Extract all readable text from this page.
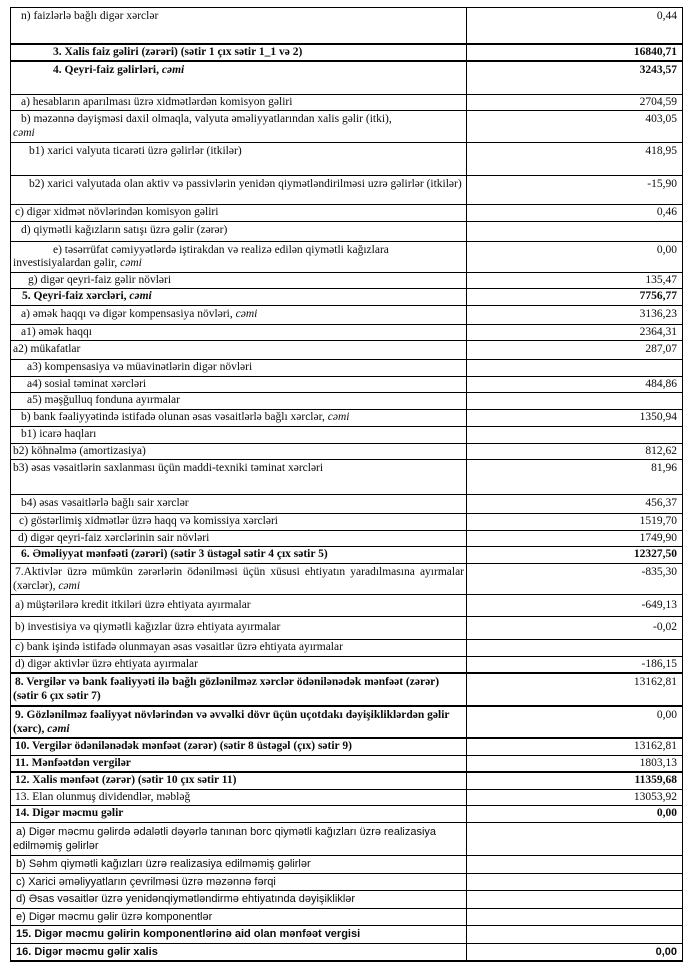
n) faizlərlə bağlı digər xərclər	0,44
3. Xalis faiz gəliri (zərəri) (sətir 1 çıx sətir 1_1 və 2)	16840,71
4. Qeyri-faiz gəlirləri, cəmi	3243,57
a) hesabların aparılması üzrə xidmətlərdən komisyon gəliri	2704,59
b) məzənnə dəyişməsi daxil olmaqla, valyuta əməliyyatlarından xalis gəlir (itki),
cəmi	403,05
b1) xarici valyuta ticarəti üzrə gəlirlər (itkilər)	418,95
b2) xarici valyutada olan aktiv və passivlərin yenidən qiymətləndirilməsi uzrə gəlirlər (itkilər)	-15,90
c) digər xidmət növlərindən komisyon gəliri	0,46
d) qiymətli kağızların satışı üzrə gəlir (zərər)	
e) təsərrüfat cəmiyyətlərdə iştirakdan və realizə edilən qiymətli kağızlara investisiyalardan gəlir, cəmi	0,00
g) digər qeyri-faiz gəlir növləri	135,47
5. Qeyri-faiz xərcləri, cəmi	7756,77
a) əmək haqqı və digər kompensasiya növləri, cəmi	3136,23
a1) əmək haqqı	2364,31
a2) mükafatlar	287,07
a3) kompensasiya və müavinətlərin digər növləri	
a4) sosial təminat xərcləri	484,86
a5) məşğulluq fonduna ayırmalar	
b) bank fəaliyyətində istifadə olunan əsas vəsaitlərlə bağlı xərclər, cəmi	1350,94
b1) icarə haqları	
b2) köhnəlmə (amortizasiya)	812,62
b3) əsas vəsaitlərin saxlanması üçün maddi-texniki təminat xərcləri	81,96
b4) əsas vəsaitlərlə bağlı sair xərclər	456,37
c) göstərlimiş xidmətlər üzrə haqq və komissiya xərcləri	1519,70
d) digər qeyri-faiz xərclərinin sair növləri	1749,90
6. Əməliyyat mənfəəti (zərəri) (sətir 3 üstəgəl sətir 4 çıx sətir 5)	12327,50
7.Aktivlər üzrə mümkün zərərlərin ödənilməsi üçün xüsusi ehtiyatın yaradılmasına ayırmalar (xərclər), cəmi	-835,30
a) müştərilərə kredit itkiləri üzrə ehtiyata ayırmalar	-649,13
b) investisiya və qiymətli kağızlar üzrə ehtiyata ayırmalar	-0,02
c) bank işində istifadə olunmayan əsas vəsaitlər üzrə ehtiyata ayırmalar	
d) digər aktivlər üzrə ehtiyata ayırmalar	-186,15
8. Vergilər və bank fəaliyyəti ilə bağlı gözlənilməz xərclər ödənilənədək mənfəət (zərər) (sətir 6 çıx sətir 7)	13162,81
9. Gözlənilməz fəaliyyət növlərindən və əvvəlki dövr üçün uçotdakı dəyişikliklərdən gəlir (xərc), cəmi	0,00
10. Vergilər ödənilənədək mənfəət (zərər) (sətir 8 üstəgəl (çıx) sətir 9)	13162,81
11. Mənfəətdən vergilər	1803,13
12. Xalis mənfəət (zərər) (sətir 10 çıx sətir 11)	11359,68
13. Elan olunmuş dividendlər, məbləğ	13053,92
14. Digər məcmu gəlir	0,00
a) Digər məcmu gəlirdə ədalətli dəyərlə tanınan borc qiymətli kağızları üzrə realizasiya edilməmiş gəlirlər	
b) Səhm qiymətli kağızları üzrə realizasiya edilməmiş gəlirlər	
c) Xarici əməliyyatların çevrilməsi üzrə məzənnə fərqi	
d) Əsas vəsaitlər üzrə yenidənqiymətləndirmə ehtiyatında dəyişikliklər	
e) Digər məcmu gəlir üzrə komponentlər	
15. Digər məcmu gəlirin komponentlərinə aid olan mənfəət vergisi	
16. Digər məcmu gəlir xalis	0,00
